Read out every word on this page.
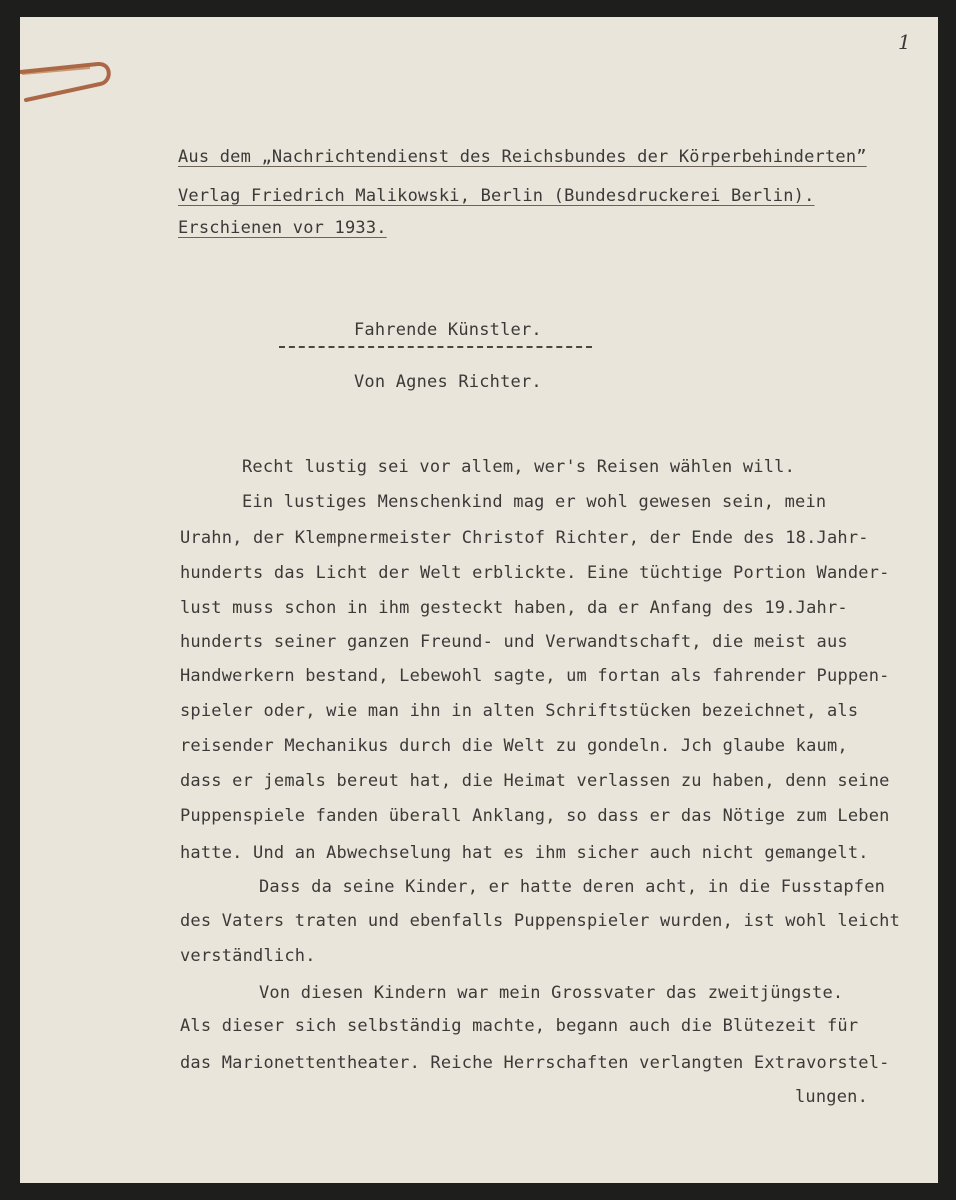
1
Aus dem „Nachrichtendienst des Reichsbundes der Körperbehinderten”
Verlag Friedrich Malikowski, Berlin (Bundesdruckerei Berlin).
Erschienen vor 1933.
Fahrende Künstler.
Von Agnes Richter.
Recht lustig sei vor allem, wer's Reisen wählen will.
Ein lustiges Menschenkind mag er wohl gewesen sein, mein
Urahn, der Klempnermeister Christof Richter, der Ende des 18.Jahr-
hunderts das Licht der Welt erblickte. Eine tüchtige Portion Wander-
lust muss schon in ihm gesteckt haben, da er Anfang des 19.Jahr-
hunderts seiner ganzen Freund- und Verwandtschaft, die meist aus
Handwerkern bestand, Lebewohl sagte, um fortan als fahrender Puppen-
spieler oder, wie man ihn in alten Schriftstücken bezeichnet, als
reisender Mechanikus durch die Welt zu gondeln. Jch glaube kaum,
dass er jemals bereut hat, die Heimat verlassen zu haben, denn seine
Puppenspiele fanden überall Anklang, so dass er das Nötige zum Leben
hatte. Und an Abwechselung hat es ihm sicher auch nicht gemangelt.
Dass da seine Kinder, er hatte deren acht, in die Fusstapfen
des Vaters traten und ebenfalls Puppenspieler wurden, ist wohl leicht
verständlich.
Von diesen Kindern war mein Grossvater das zweitjüngste.
Als dieser sich selbständig machte, begann auch die Blütezeit für
das Marionettentheater. Reiche Herrschaften verlangten Extravorstel-
lungen.
